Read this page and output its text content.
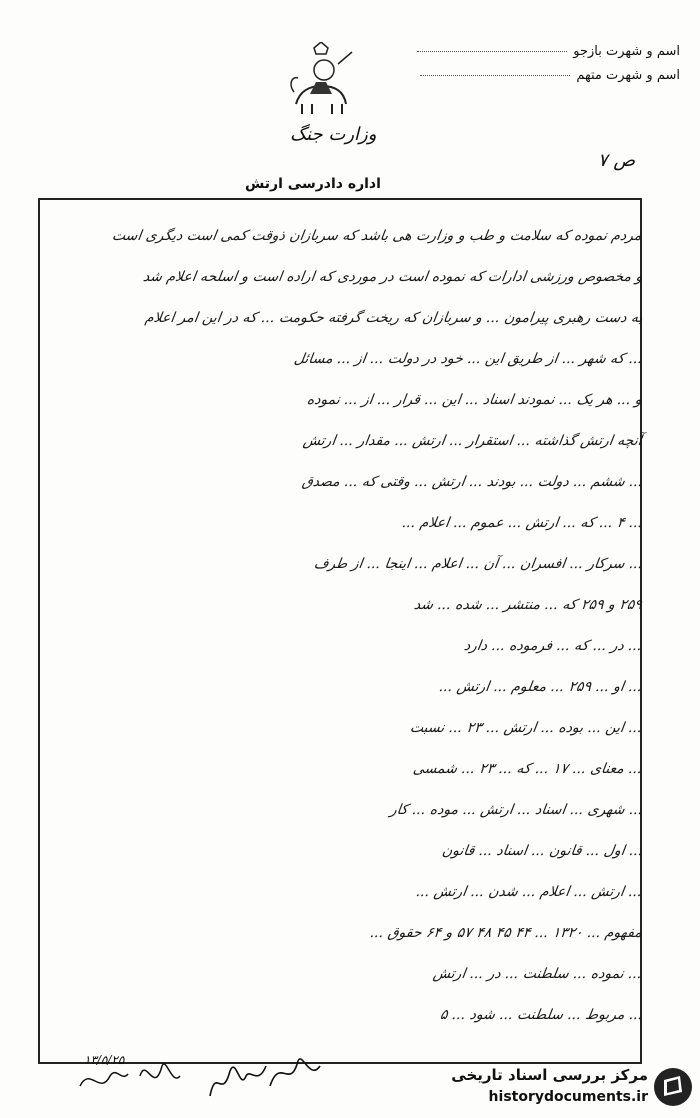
اسم و شهرت بازجو
اسم و شهرت متهم
وزارت جنگ
ص ۷
اداره دادرسی ارتش
مردم نموده که سلامت و طب و وزارت هی باشد که سربازان ذوقت کمی است دیگری است
و مخصوص ورزشی ادارات که نموده است در موردی که اراده است و اسلحه اعلام شد
به دست رهبری پیرامون ... و سربازان که ریخت گرفته حکومت ... که در این امر اعلام
... که شهر ... از طریق این ... خود در دولت ... از ... مسائل
و ... هر یک ... نمودند اسناد ... این ... قرار ... از ... نموده
آنچه ارتش گذاشته ... استقرار ... ارتش ... مقدار ... ارتش
... ششم ... دولت ... بودند ... ارتش ... وقتی که ... مصدق
... ۴ ... که ... ارتش ... عموم ... اعلام ...
... سرکار ... افسران ... آن ... اعلام ... اینجا ... از طرف
۲۵۹ و ۲۵۹ که ... منتشر ... شده ... شد
... در ... که ... فرموده ... دارد
... او ... ۲۵۹ ... معلوم ... ارتش ...
... این ... بوده ... ارتش ... ۲۳ ... نسبت
... معنای ... ۱۷ ... که ... ۲۳ ... شمسی
... شهری ... اسناد ... ارتش ... موده ... کار
... اول ... قانون ... اسناد ... قانون
... ارتش ... اعلام ... شدن ... ارتش ...
مفهوم ... ۱۳۲۰ ... ۴۴ ۴۵ ۴۸ ۵۷ و ۶۴ حقوق ...
... نموده ... سلطنت ... در ... ارتش
... مربوط ... سلطنت ... شود ... ۵
۱۳/۵/۲۵
مرکز بررسی اسناد تاریخی
historydocuments.ir
